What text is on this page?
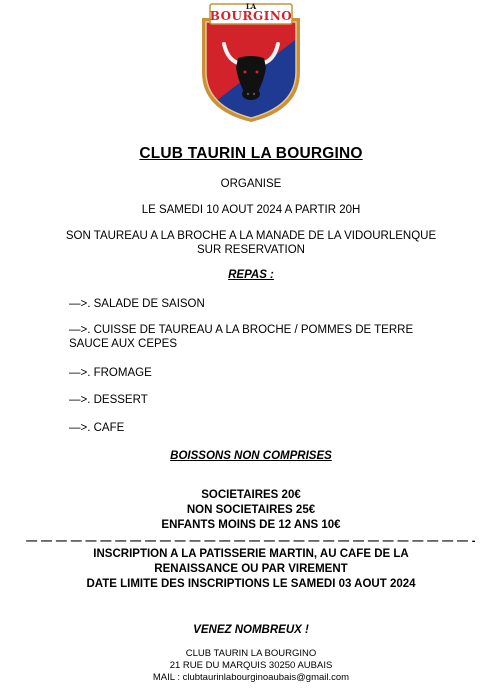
LA
BOURGINO
CLUB TAURIN LA BOURGINO
ORGANISE
LE SAMEDI 10 AOUT 2024 A PARTIR 20H
SON TAUREAU A LA BROCHE A LA MANADE DE LA VIDOURLENQUE
SUR RESERVATION
REPAS :
—>. SALADE DE SAISON
—>. CUISSE DE TAUREAU A LA BROCHE / POMMES DE TERRE
SAUCE AUX CEPES
—>. FROMAGE
—>. DESSERT
—>. CAFE
BOISSONS NON COMPRISES
SOCIETAIRES 20€
NON SOCIETAIRES 25€
ENFANTS MOINS DE 12 ANS 10€
— — — — — — — — — — — — — — — — — — — — — — — — — — — — — — -
INSCRIPTION A LA PATISSERIE MARTIN, AU CAFE DE LA
RENAISSANCE OU PAR VIREMENT
DATE LIMITE DES INSCRIPTIONS LE SAMEDI 03 AOUT 2024
VENEZ NOMBREUX !
CLUB TAURIN LA BOURGINO
21 RUE DU MARQUIS 30250 AUBAIS
MAIL : clubtaurinlabourginoaubais@gmail.com
